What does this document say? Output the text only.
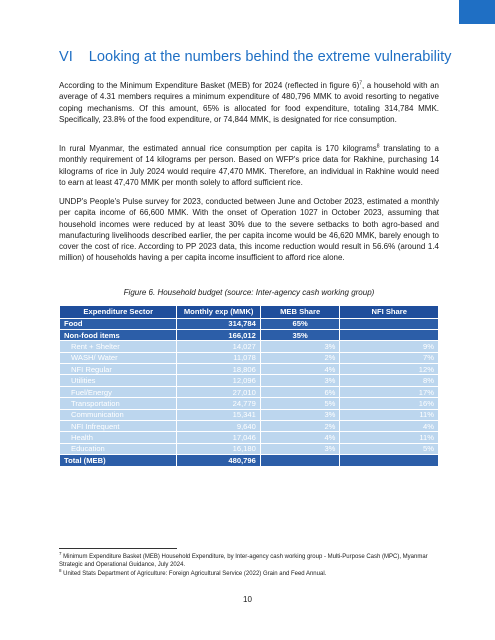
VI Looking at the numbers behind the extreme vulnerability

According to the Minimum Expenditure Basket (MEB) for 2024 (reflected in figure 6)$^7$, a household with an average of 4.31 members requires a minimum expenditure of 480,796 MMK to avoid resorting to negative coping mechanisms. Of this amount, 65% is allocated for food expenditure, totaling 314,784 MMK. Specifically, 23.8% of the food expenditure, or 74,844 MMK, is designated for rice consumption.

In rural Myanmar, the estimated annual rice consumption per capita is 170 kilograms$^8$ translating to a monthly requirement of 14 kilograms per person. Based on WFP's price data for Rakhine, purchasing 14 kilograms of rice in July 2024 would require 47,470 MMK. Therefore, an individual in Rakhine would need to earn at least 47,470 MMK per month solely to afford sufficient rice.

UNDP's People's Pulse survey for 2023, conducted between June and October 2023, estimated a monthly per capita income of 66,600 MMK. With the onset of Operation 1027 in October 2023, assuming that household incomes were reduced by at least 30% due to the severe setbacks to both agro-based and manufacturing livelihoods described earlier, the per capita income would be 46,620 MMK, barely enough to cover the cost of rice. According to PP 2023 data, this income reduction would result in 56.6% (around 1.4 million) of households having a per capita income insufficient to afford rice alone.

Figure 6. Household budget (source: Inter-agency cash working group)
Expenditure Sector	Monthly exp (MMK)	MEB Share	NFI Share
Food	314,784	65%	
Non-food items	166,012	35%	
Rent + Shelter	14,027	3%	9%
WASH/ Water	11,078	2%	7%
NFI Regular	18,806	4%	12%
Utilities	12,096	3%	8%
Fuel/Energy	27,010	6%	17%
Transportation	24,779	5%	16%
Communication	15,341	3%	11%
NFI Infrequent	9,640	2%	4%
Health	17,046	4%	11%
Education	16,180	3%	5%
Total (MEB)	480,796		

$^7$ Minimum Expenditure Basket (MEB) Household Expenditure, by Inter-agency cash working group - Multi-Purpose Cash (MPC), Myanmar Strategic and Operational Guidance, July 2024.

$^8$ United Stats Department of Agriculture: Foreign Agricultural Service (2022) Grain and Feed Annual.

10
